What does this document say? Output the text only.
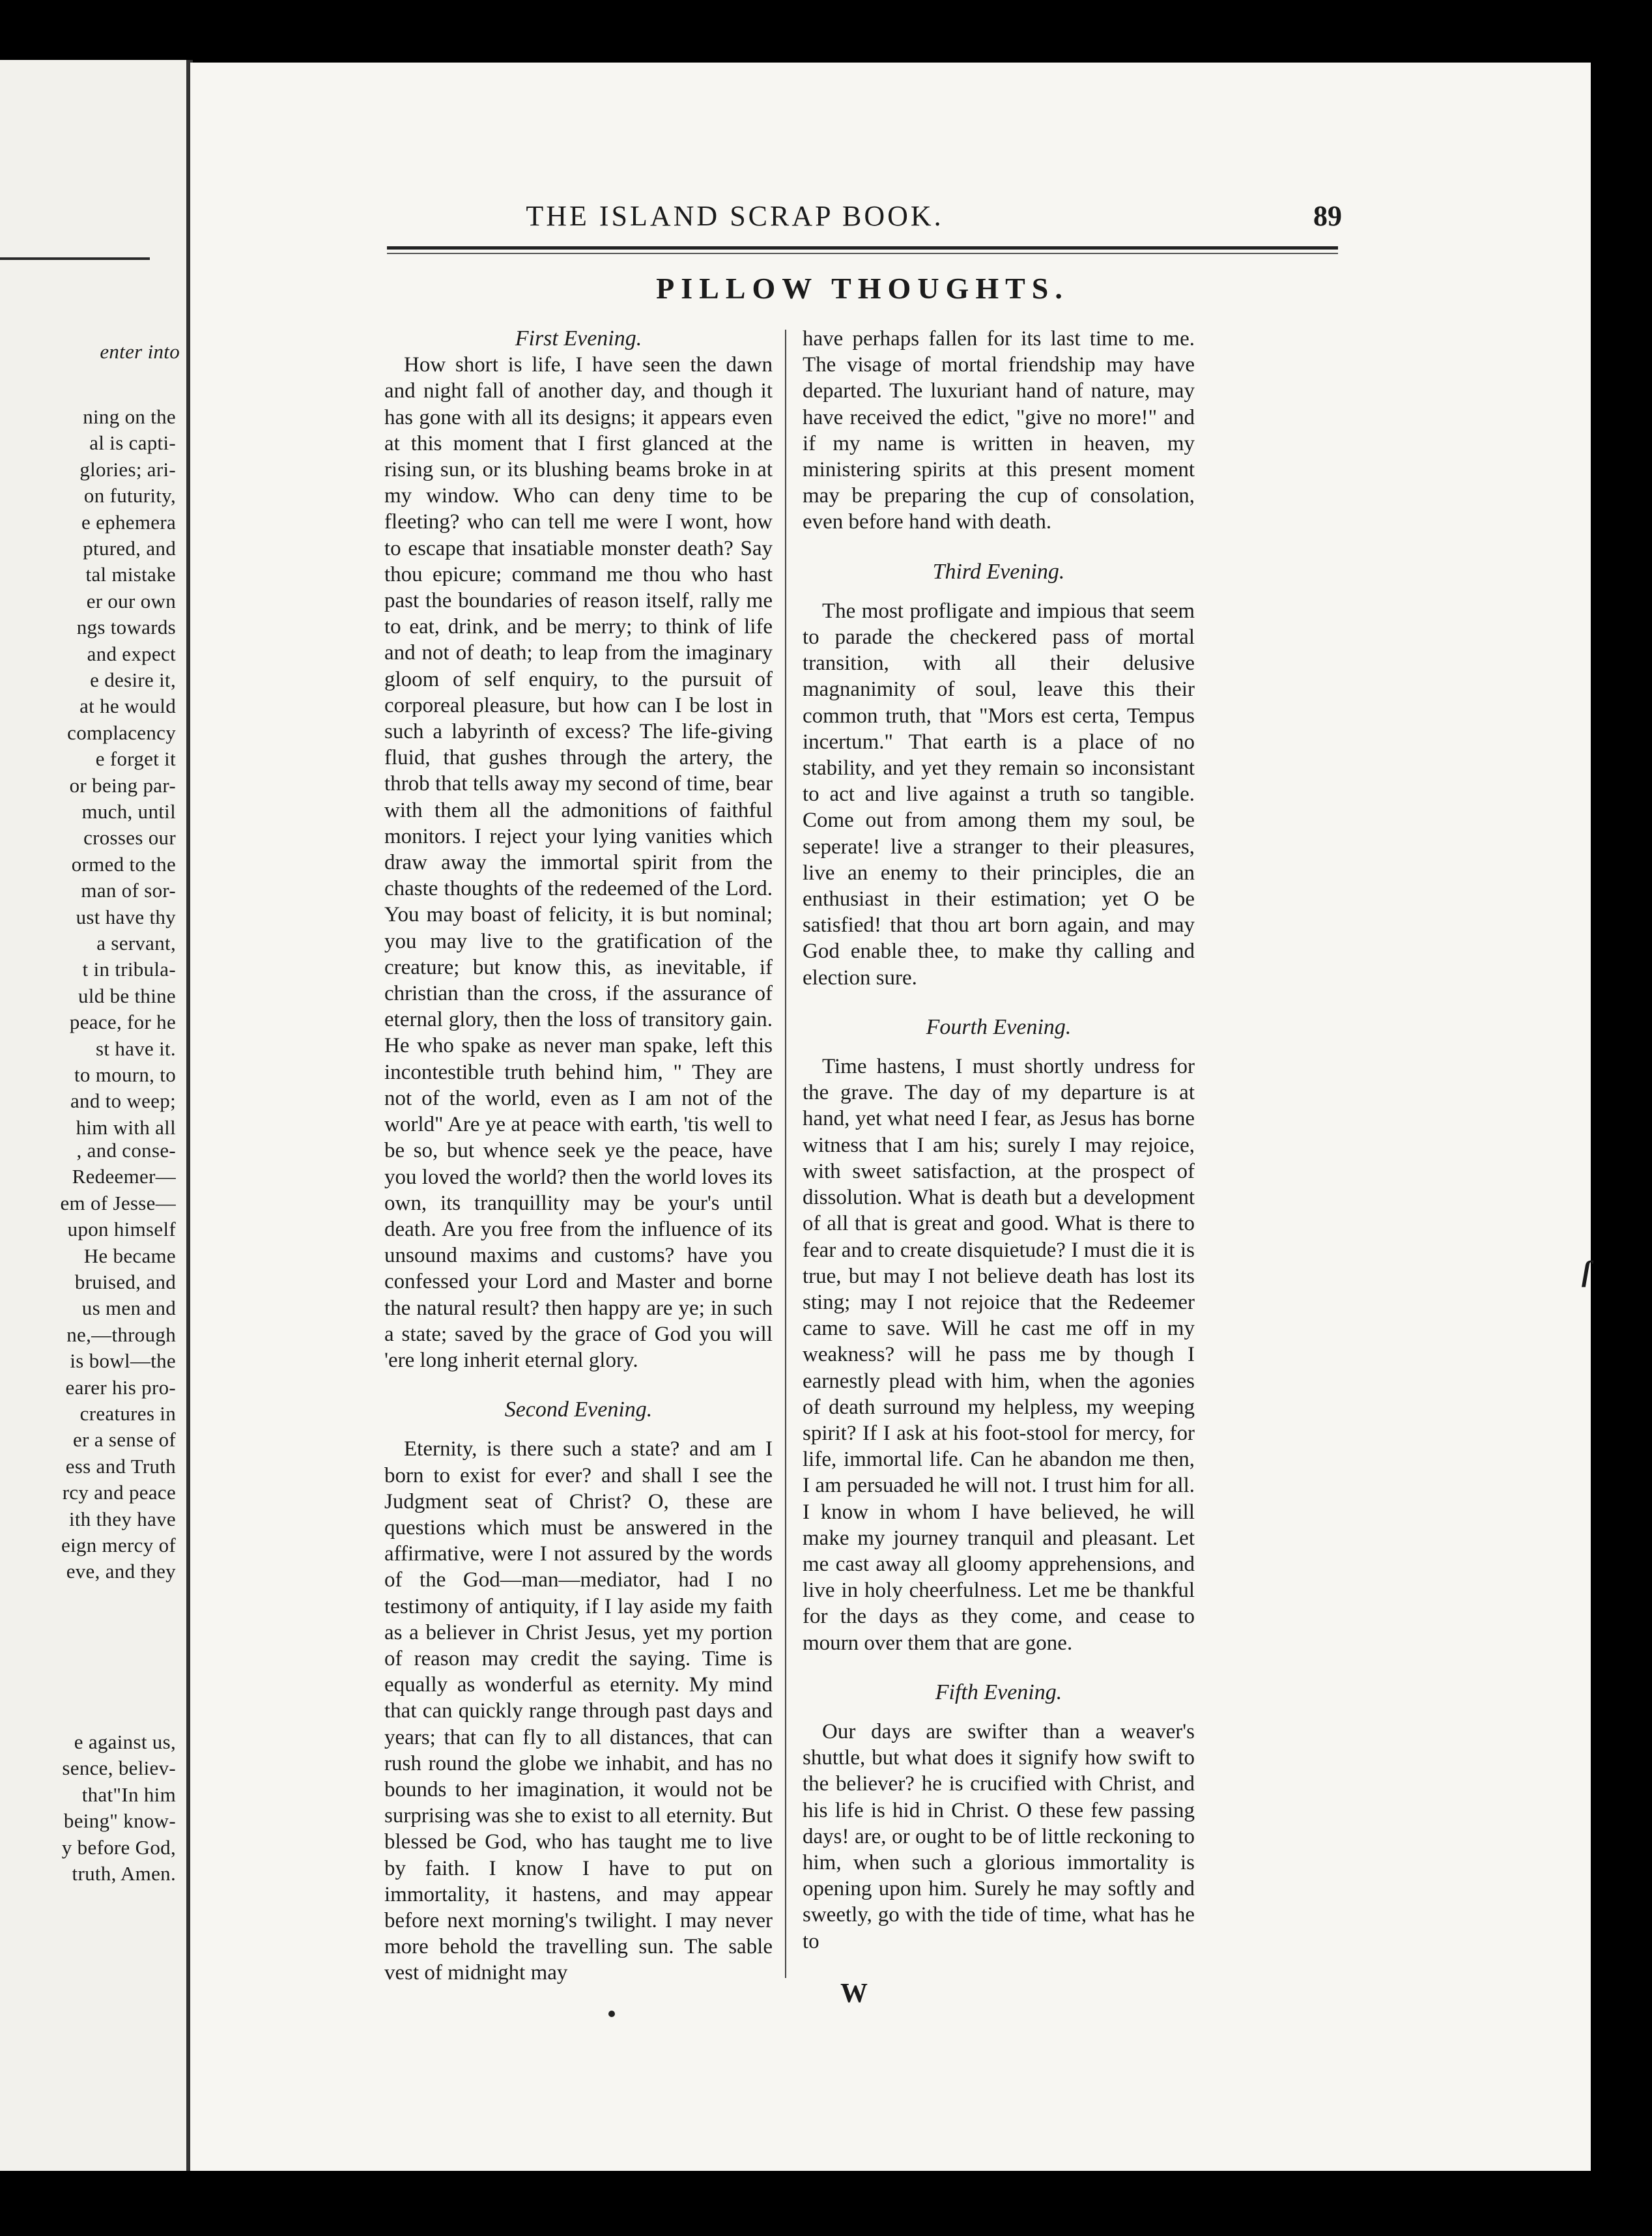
enter into
ning on the
al is capti-
glories; ari-
on futurity,
e ephemera
ptured, and
tal mistake
er our own
ngs towards
and expect
e desire it,
at he would
complacency
e forget it
or being par-
much, until
crosses our
ormed to the
man of sor-
ust have thy
a servant,
t in tribula-
uld be thine
peace, for he
st have it.
to mourn, to
and to weep;
him with all
, and conse-
Redeemer—
em of Jesse—
upon himself
He became
bruised, and
us men and
ne,—through
is bowl—the
earer his pro-
creatures in
er a sense of
ess and Truth
rcy and peace
ith they have
eign mercy of
eve, and they
e against us,
sence, believ-
that"In him
being" know-
y before God,
truth, Amen.
THE ISLAND SCRAP BOOK.	89
PILLOW THOUGHTS.
First Evening.

How short is life, I have seen the dawn and night fall of another day, and though it has gone with all its designs; it appears even at this moment that I first glanced at the rising sun, or its blushing beams broke in at my window. Who can deny time to be fleeting? who can tell me were I wont, how to escape that insatiable monster death? Say thou epicure; command me thou who hast past the boundaries of reason itself, rally me to eat, drink, and be merry; to think of life and not of death; to leap from the imaginary gloom of self enquiry, to the pursuit of corporeal pleasure, but how can I be lost in such a labyrinth of excess? The life-giving fluid, that gushes through the artery, the throb that tells away my second of time, bear with them all the admonitions of faithful monitors. I reject your lying vanities which draw away the immortal spirit from the chaste thoughts of the redeemed of the Lord. You may boast of felicity, it is but nominal; you may live to the gratification of the creature; but know this, as inevitable, if christian than the cross, if the assurance of eternal glory, then the loss of transitory gain. He who spake as never man spake, left this incontestible truth behind him, " They are not of the world, even as I am not of the world" Are ye at peace with earth, 'tis well to be so, but whence seek ye the peace, have you loved the world? then the world loves its own, its tranquillity may be your's until death. Are you free from the influence of its unsound maxims and customs? have you confessed your Lord and Master and borne the natural result? then happy are ye; in such a state; saved by the grace of God you will 'ere long inherit eternal glory.

Second Evening.

Eternity, is there such a state? and am I born to exist for ever? and shall I see the Judgment seat of Christ? O, these are questions which must be answered in the affirmative, were I not assured by the words of the God—man—mediator, had I no testimony of antiquity, if I lay aside my faith as a believer in Christ Jesus, yet my portion of reason may credit the saying. Time is equally as wonderful as eternity. My mind that can quickly range through past days and years; that can fly to all distances, that can rush round the globe we inhabit, and has no bounds to her imagination, it would not be surprising was she to exist to all eternity. But blessed be God, who has taught me to live by faith. I know I have to put on immortality, it hastens, and may appear before next morning's twilight. I may never more behold the travelling sun. The sable vest of midnight may

have perhaps fallen for its last time to me. The visage of mortal friendship may have departed. The luxuriant hand of nature, may have received the edict, "give no more!" and if my name is written in heaven, my ministering spirits at this present moment may be preparing the cup of consolation, even before hand with death.

Third Evening.

The most profligate and impious that seem to parade the checkered pass of mortal transition, with all their delusive magnanimity of soul, leave this their common truth, that "Mors est certa, Tempus incertum." That earth is a place of no stability, and yet they remain so inconsistant to act and live against a truth so tangible. Come out from among them my soul, be seperate! live a stranger to their pleasures, live an enemy to their principles, die an enthusiast in their estimation; yet O be satisfied! that thou art born again, and may God enable thee, to make thy calling and election sure.

Fourth Evening.

Time hastens, I must shortly undress for the grave. The day of my departure is at hand, yet what need I fear, as Jesus has borne witness that I am his; surely I may rejoice, with sweet satisfaction, at the prospect of dissolution. What is death but a development of all that is great and good. What is there to fear and to create disquietude? I must die it is true, but may I not believe death has lost its sting; may I not rejoice that the Redeemer came to save. Will he cast me off in my weakness? will he pass me by though I earnestly plead with him, when the agonies of death surround my helpless, my weeping spirit? If I ask at his foot-stool for mercy, for life, immortal life. Can he abandon me then, I am persuaded he will not. I trust him for all. I know in whom I have believed, he will make my journey tranquil and pleasant. Let me cast away all gloomy apprehensions, and live in holy cheerfulness. Let me be thankful for the days as they come, and cease to mourn over them that are gone.

Fifth Evening.

Our days are swifter than a weaver's shuttle, but what does it signify how swift to the believer? he is crucified with Christ, and his life is hid in Christ. O these few passing days! are, or ought to be of little reckoning to him, when such a glorious immortality is opening upon him. Surely he may softly and sweetly, go with the tide of time, what has he to

W
ſ
